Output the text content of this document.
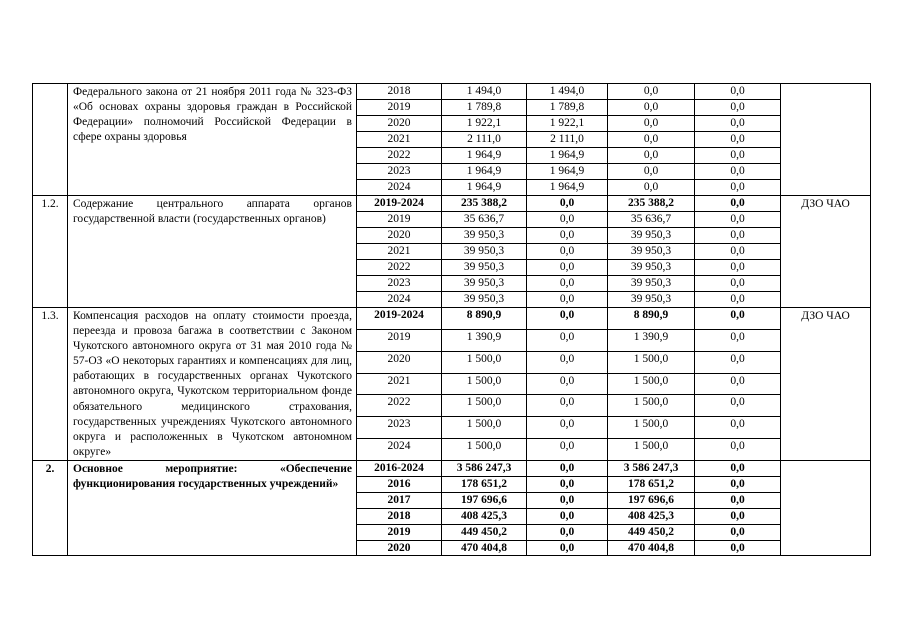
	Федерального закона от 21 ноября 2011 года № 323-ФЗ «Об основах охраны здоровья граждан в Российской Федерации» полномочий Российской Федерации в сфере охраны здоровья	2018	1 494,0	1 494,0	0,0	0,0	
		2019	1 789,8	1 789,8	0,0	0,0	
		2020	1 922,1	1 922,1	0,0	0,0	
		2021	2 111,0	2 111,0	0,0	0,0	
		2022	1 964,9	1 964,9	0,0	0,0	
		2023	1 964,9	1 964,9	0,0	0,0	
		2024	1 964,9	1 964,9	0,0	0,0	
1.2.	Содержание центрального аппарата органов государственной власти (государственных органов)	2019-2024	235 388,2	0,0	235 388,2	0,0	ДЗО ЧАО
		2019	35 636,7	0,0	35 636,7	0,0	
		2020	39 950,3	0,0	39 950,3	0,0	
		2021	39 950,3	0,0	39 950,3	0,0	
		2022	39 950,3	0,0	39 950,3	0,0	
		2023	39 950,3	0,0	39 950,3	0,0	
		2024	39 950,3	0,0	39 950,3	0,0	
1.3.	Компенсация расходов на оплату стоимости проезда, переезда и провоза багажа в соответствии с Законом Чукотского автономного округа от 31 мая 2010 года № 57-ОЗ «О некоторых гарантиях и компенсациях для лиц, работающих в государственных органах Чукотского автономного округа, Чукотском территориальном фонде обязательного медицинского страхования, государственных учреждениях Чукотского автономного округа и расположенных в Чукотском автономном округе»	2019-2024	8 890,9	0,0	8 890,9	0,0	ДЗО ЧАО
		2019	1 390,9	0,0	1 390,9	0,0	
		2020	1 500,0	0,0	1 500,0	0,0	
		2021	1 500,0	0,0	1 500,0	0,0	
		2022	1 500,0	0,0	1 500,0	0,0	
		2023	1 500,0	0,0	1 500,0	0,0	
		2024	1 500,0	0,0	1 500,0	0,0	
2.	Основное мероприятие: «Обеспечение функционирования государственных учреждений»	2016-2024	3 586 247,3	0,0	3 586 247,3	0,0	
		2016	178 651,2	0,0	178 651,2	0,0	
		2017	197 696,6	0,0	197 696,6	0,0	
		2018	408 425,3	0,0	408 425,3	0,0	
		2019	449 450,2	0,0	449 450,2	0,0	
		2020	470 404,8	0,0	470 404,8	0,0	
